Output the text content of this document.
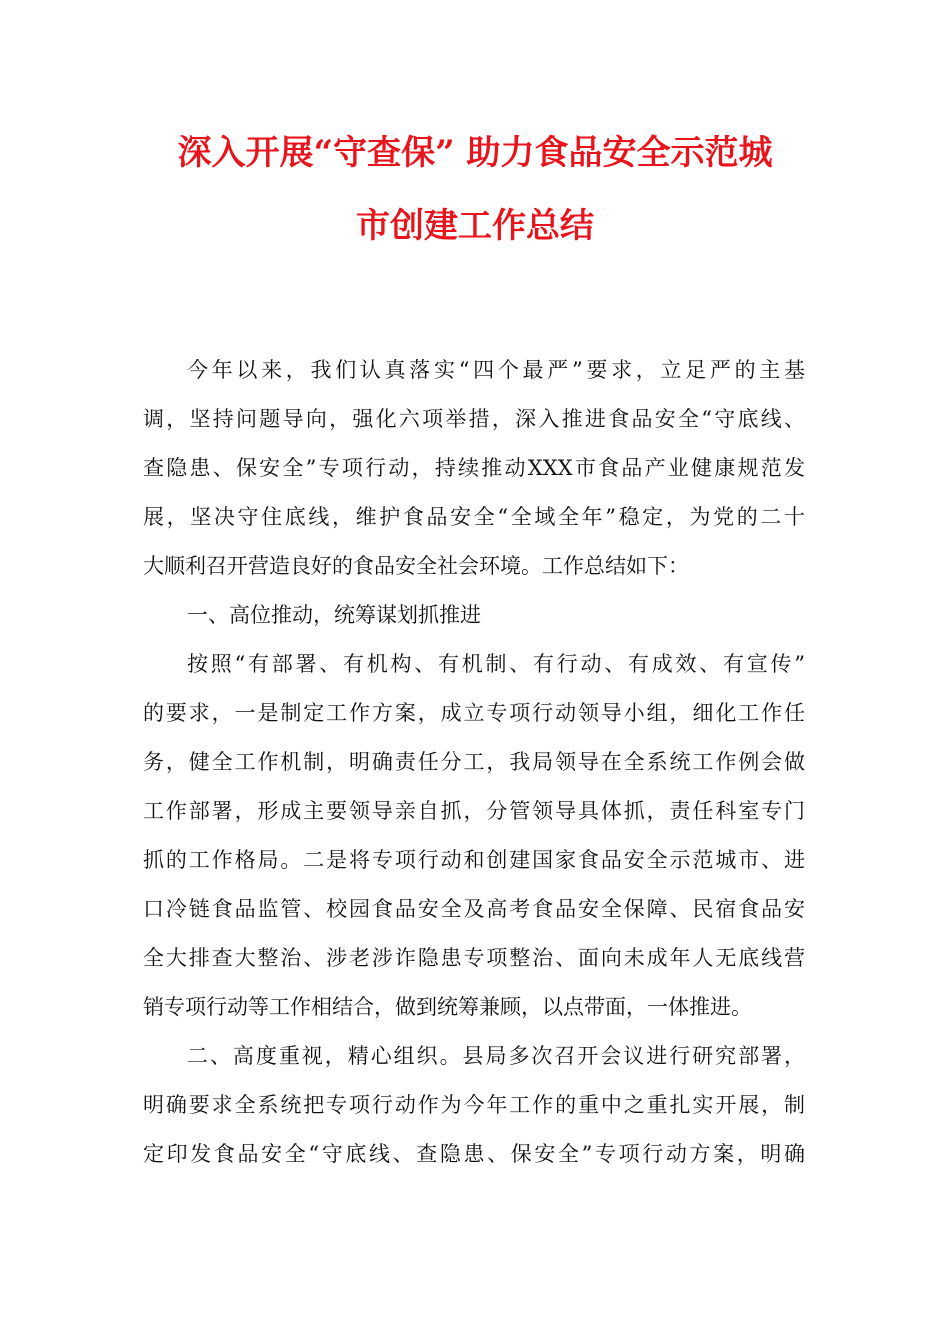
深入开展“守查保” 助力食品安全示范城
市创建工作总结
今年以来，我们认真落实“四个最严”要求，立足严的主基
调，坚持问题导向，强化六项举措，深入推进食品安全“守底线、
查隐患、保安全”专项行动，持续推动XXX市食品产业健康规范发
展，坚决守住底线，维护食品安全“全域全年”稳定，为党的二十
大顺利召开营造良好的食品安全社会环境。工作总结如下：
一、高位推动，统筹谋划抓推进
按照“有部署、有机构、有机制、有行动、有成效、有宣传”
的要求，一是制定工作方案，成立专项行动领导小组，细化工作任
务，健全工作机制，明确责任分工，我局领导在全系统工作例会做
工作部署，形成主要领导亲自抓，分管领导具体抓，责任科室专门
抓的工作格局。二是将专项行动和创建国家食品安全示范城市、进
口冷链食品监管、校园食品安全及高考食品安全保障、民宿食品安
全大排查大整治、涉老涉诈隐患专项整治、面向未成年人无底线营
销专项行动等工作相结合，做到统筹兼顾，以点带面，一体推进。
二、高度重视，精心组织。县局多次召开会议进行研究部署，
明确要求全系统把专项行动作为今年工作的重中之重扎实开展，制
定印发食品安全“守底线、查隐患、保安全”专项行动方案，明确
